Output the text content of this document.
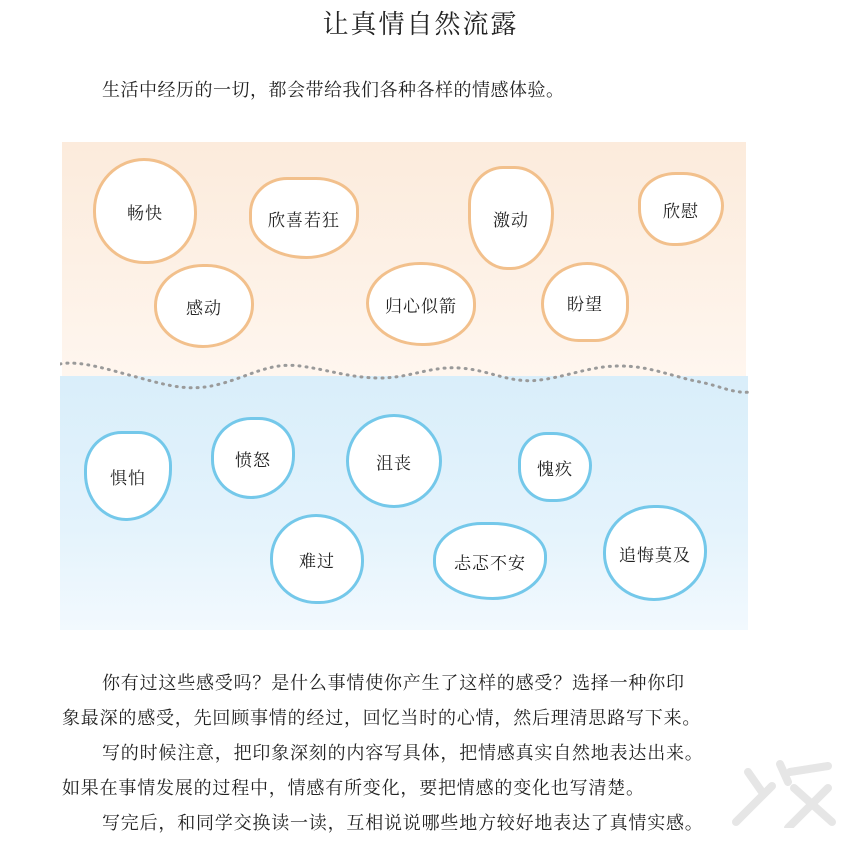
让真情自然流露
生活中经历的一切，都会带给我们各种各样的情感体验。
畅快	欣喜若狂	激动	欣慰
感动	归心似箭	盼望
惧怕
愤怒	沮丧	愧疚
难过	忐忑不安	追悔莫及
你有过这些感受吗？是什么事情使你产生了这样的感受？选择一种你印
象最深的感受，先回顾事情的经过，回忆当时的心情，然后理清思路写下来。
写的时候注意，把印象深刻的内容写具体，把情感真实自然地表达出来。
如果在事情发展的过程中，情感有所变化，要把情感的变化也写清楚。
写完后，和同学交换读一读，互相说说哪些地方较好地表达了真情实感。
